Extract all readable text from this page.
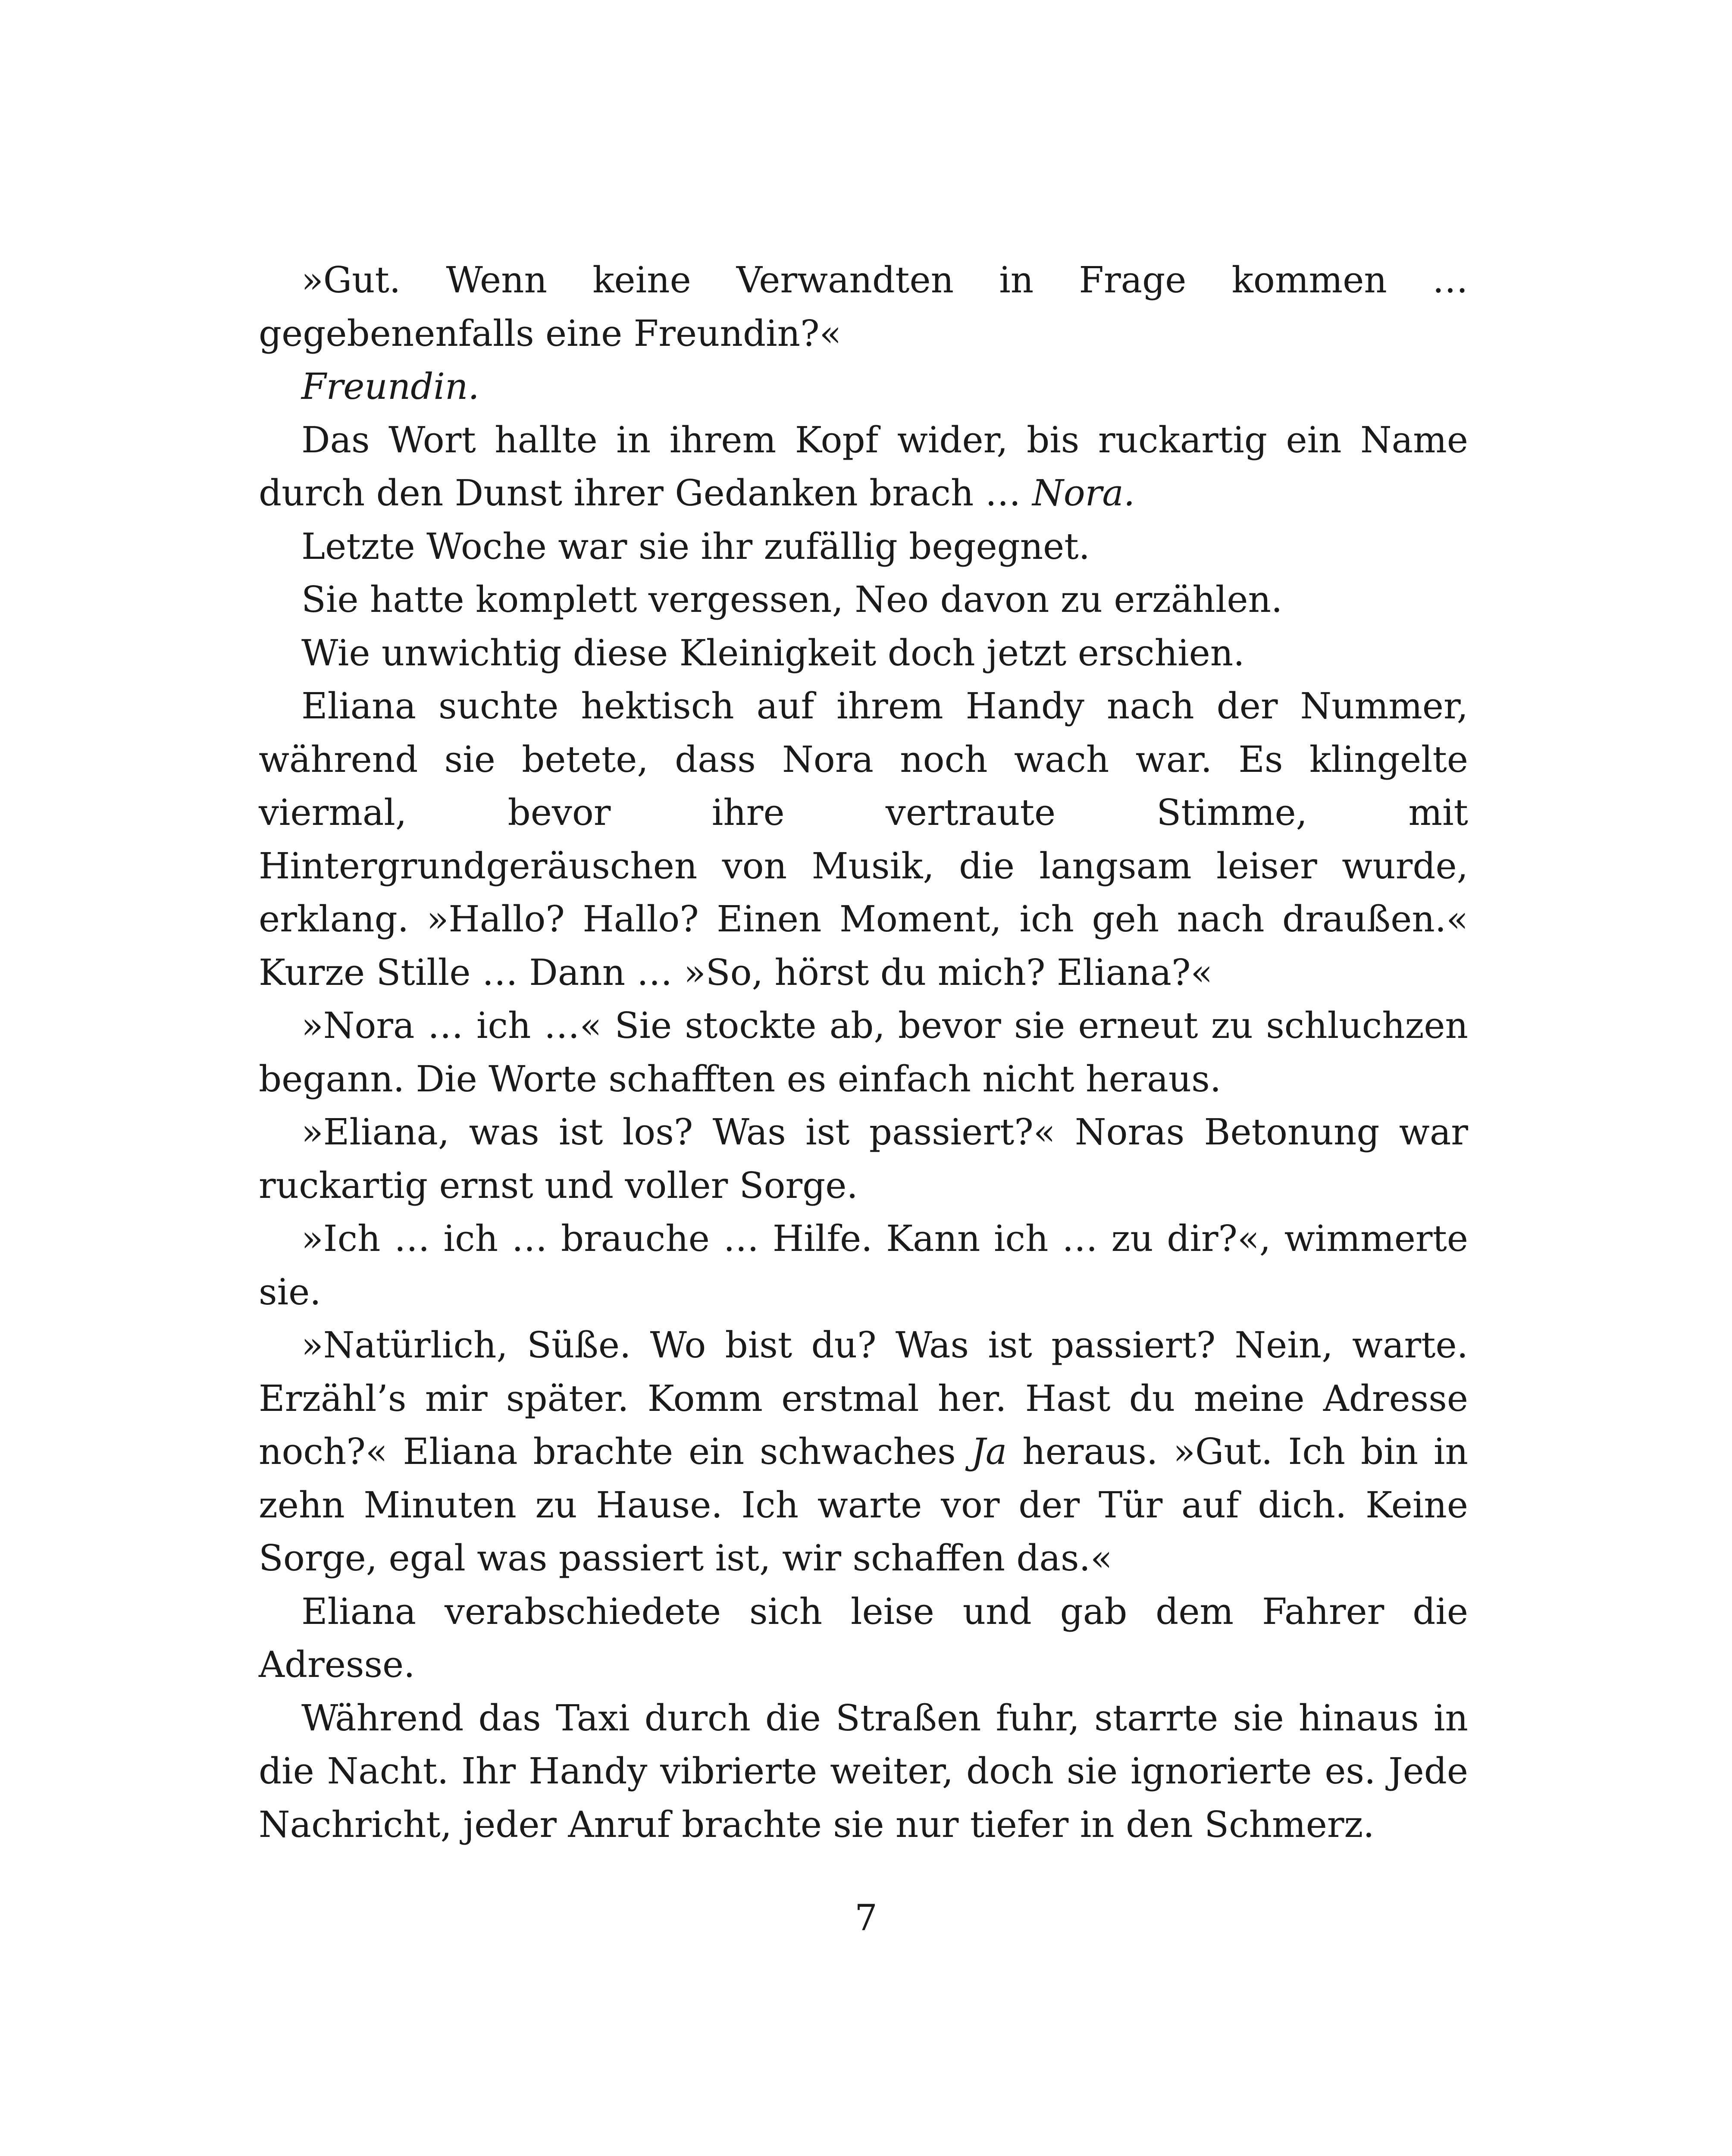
»Gut. Wenn keine Verwandten in Frage kommen … gegebenenfalls eine Freundin?«

Freundin.

Das Wort hallte in ihrem Kopf wider, bis ruckartig ein Name durch den Dunst ihrer Gedanken brach … Nora.

Letzte Woche war sie ihr zufällig begegnet.

Sie hatte komplett vergessen, Neo davon zu erzählen.

Wie unwichtig diese Kleinigkeit doch jetzt erschien.

Eliana suchte hektisch auf ihrem Handy nach der Nummer, während sie betete, dass Nora noch wach war. Es klingelte viermal, bevor ihre vertraute Stimme, mit Hintergrundgeräuschen von Musik, die langsam leiser wurde, erklang. »Hallo? Hallo? Einen Moment, ich geh nach draußen.« Kurze Stille … Dann … »So, hörst du mich? Eliana?«

»Nora … ich …« Sie stockte ab, bevor sie erneut zu schluchzen begann. Die Worte schafften es einfach nicht heraus.

»Eliana, was ist los? Was ist passiert?« Noras Betonung war ruckartig ernst und voller Sorge.

»Ich … ich … brauche … Hilfe. Kann ich … zu dir?«, wimmerte sie.

»Natürlich, Süße. Wo bist du? Was ist passiert? Nein, warte. Erzähl’s mir später. Komm erstmal her. Hast du meine Adresse noch?« Eliana brachte ein schwaches Ja heraus. »Gut. Ich bin in zehn Minuten zu Hause. Ich warte vor der Tür auf dich. Keine Sorge, egal was passiert ist, wir schaffen das.«

Eliana verabschiedete sich leise und gab dem Fahrer die Adresse.

Während das Taxi durch die Straßen fuhr, starrte sie hinaus in die Nacht. Ihr Handy vibrierte weiter, doch sie ignorierte es. Jede Nachricht, jeder Anruf brachte sie nur tiefer in den Schmerz.

7
